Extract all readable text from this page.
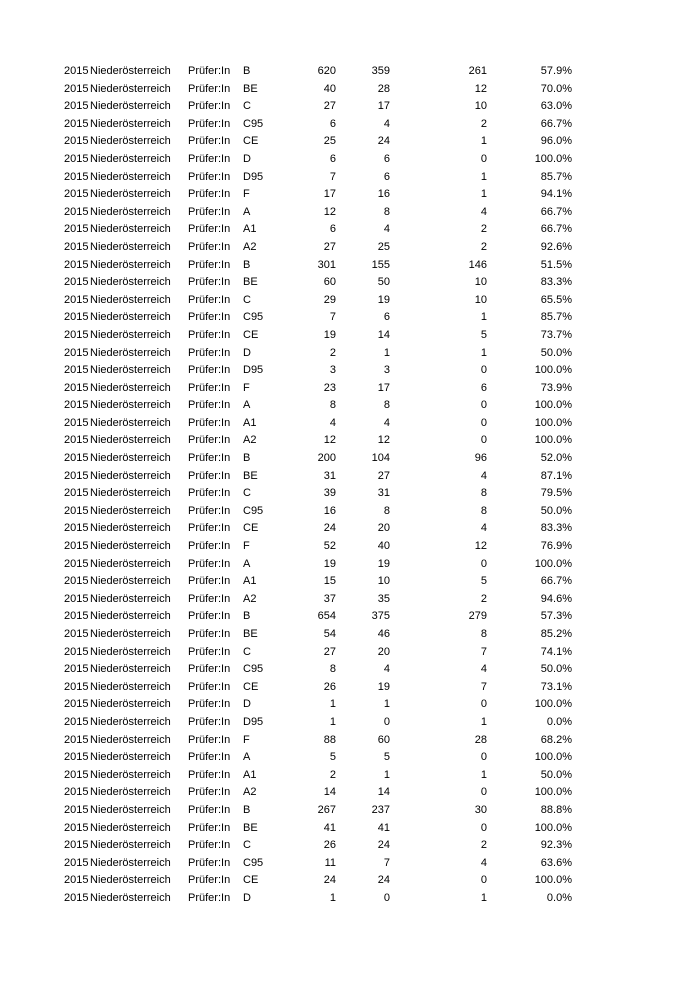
2015	Niederösterreich	Prüfer:In	B	620	359	261	57.9%
2015	Niederösterreich	Prüfer:In	BE	40	28	12	70.0%
2015	Niederösterreich	Prüfer:In	C	27	17	10	63.0%
2015	Niederösterreich	Prüfer:In	C95	6	4	2	66.7%
2015	Niederösterreich	Prüfer:In	CE	25	24	1	96.0%
2015	Niederösterreich	Prüfer:In	D	6	6	0	100.0%
2015	Niederösterreich	Prüfer:In	D95	7	6	1	85.7%
2015	Niederösterreich	Prüfer:In	F	17	16	1	94.1%
2015	Niederösterreich	Prüfer:In	A	12	8	4	66.7%
2015	Niederösterreich	Prüfer:In	A1	6	4	2	66.7%
2015	Niederösterreich	Prüfer:In	A2	27	25	2	92.6%
2015	Niederösterreich	Prüfer:In	B	301	155	146	51.5%
2015	Niederösterreich	Prüfer:In	BE	60	50	10	83.3%
2015	Niederösterreich	Prüfer:In	C	29	19	10	65.5%
2015	Niederösterreich	Prüfer:In	C95	7	6	1	85.7%
2015	Niederösterreich	Prüfer:In	CE	19	14	5	73.7%
2015	Niederösterreich	Prüfer:In	D	2	1	1	50.0%
2015	Niederösterreich	Prüfer:In	D95	3	3	0	100.0%
2015	Niederösterreich	Prüfer:In	F	23	17	6	73.9%
2015	Niederösterreich	Prüfer:In	A	8	8	0	100.0%
2015	Niederösterreich	Prüfer:In	A1	4	4	0	100.0%
2015	Niederösterreich	Prüfer:In	A2	12	12	0	100.0%
2015	Niederösterreich	Prüfer:In	B	200	104	96	52.0%
2015	Niederösterreich	Prüfer:In	BE	31	27	4	87.1%
2015	Niederösterreich	Prüfer:In	C	39	31	8	79.5%
2015	Niederösterreich	Prüfer:In	C95	16	8	8	50.0%
2015	Niederösterreich	Prüfer:In	CE	24	20	4	83.3%
2015	Niederösterreich	Prüfer:In	F	52	40	12	76.9%
2015	Niederösterreich	Prüfer:In	A	19	19	0	100.0%
2015	Niederösterreich	Prüfer:In	A1	15	10	5	66.7%
2015	Niederösterreich	Prüfer:In	A2	37	35	2	94.6%
2015	Niederösterreich	Prüfer:In	B	654	375	279	57.3%
2015	Niederösterreich	Prüfer:In	BE	54	46	8	85.2%
2015	Niederösterreich	Prüfer:In	C	27	20	7	74.1%
2015	Niederösterreich	Prüfer:In	C95	8	4	4	50.0%
2015	Niederösterreich	Prüfer:In	CE	26	19	7	73.1%
2015	Niederösterreich	Prüfer:In	D	1	1	0	100.0%
2015	Niederösterreich	Prüfer:In	D95	1	0	1	0.0%
2015	Niederösterreich	Prüfer:In	F	88	60	28	68.2%
2015	Niederösterreich	Prüfer:In	A	5	5	0	100.0%
2015	Niederösterreich	Prüfer:In	A1	2	1	1	50.0%
2015	Niederösterreich	Prüfer:In	A2	14	14	0	100.0%
2015	Niederösterreich	Prüfer:In	B	267	237	30	88.8%
2015	Niederösterreich	Prüfer:In	BE	41	41	0	100.0%
2015	Niederösterreich	Prüfer:In	C	26	24	2	92.3%
2015	Niederösterreich	Prüfer:In	C95	11	7	4	63.6%
2015	Niederösterreich	Prüfer:In	CE	24	24	0	100.0%
2015	Niederösterreich	Prüfer:In	D	1	0	1	0.0%
